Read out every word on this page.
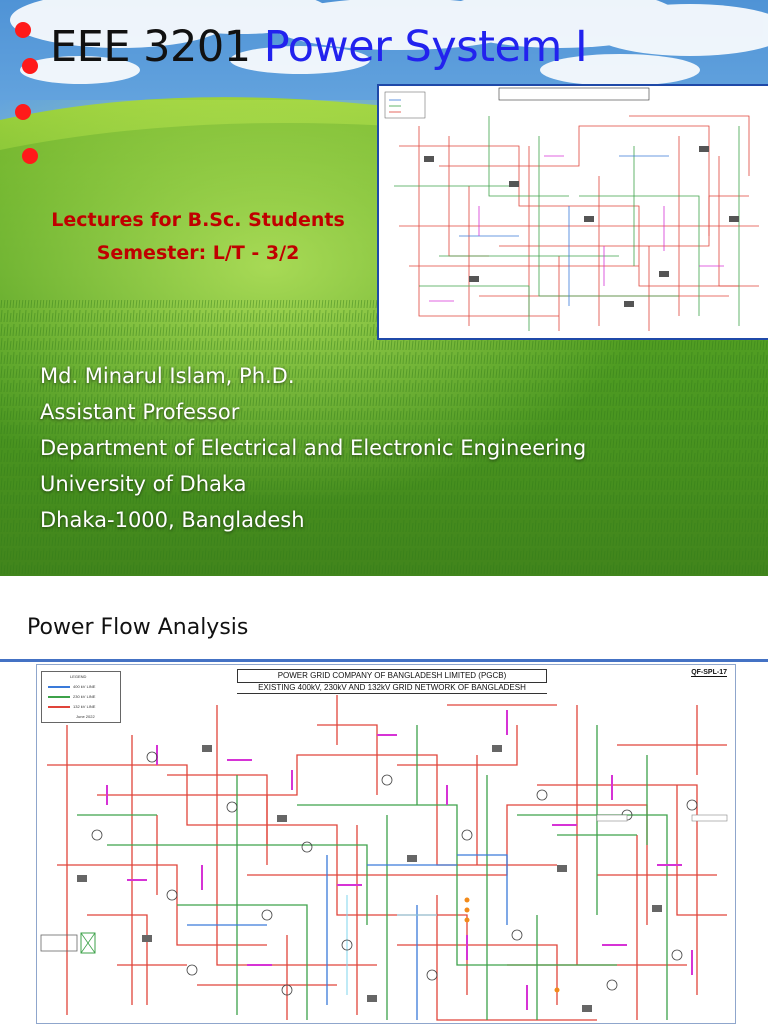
EEE 3201 Power System I
Lectures for B.Sc. Students
Semester: L/T - 3/2
Md. Minarul Islam, Ph.D.
Assistant Professor
Department of Electrical and Electronic Engineering
University of Dhaka
Dhaka-1000, Bangladesh
Power Flow Analysis
LEGEND
400 kV LINE
230 kV LINE
132 kV LINE
June 2022
POWER GRID COMPANY OF BANGLADESH LIMITED (PGCB)
EXISTING 400kV, 230kV AND 132kV GRID NETWORK OF BANGLADESH
QF-SPL-17
